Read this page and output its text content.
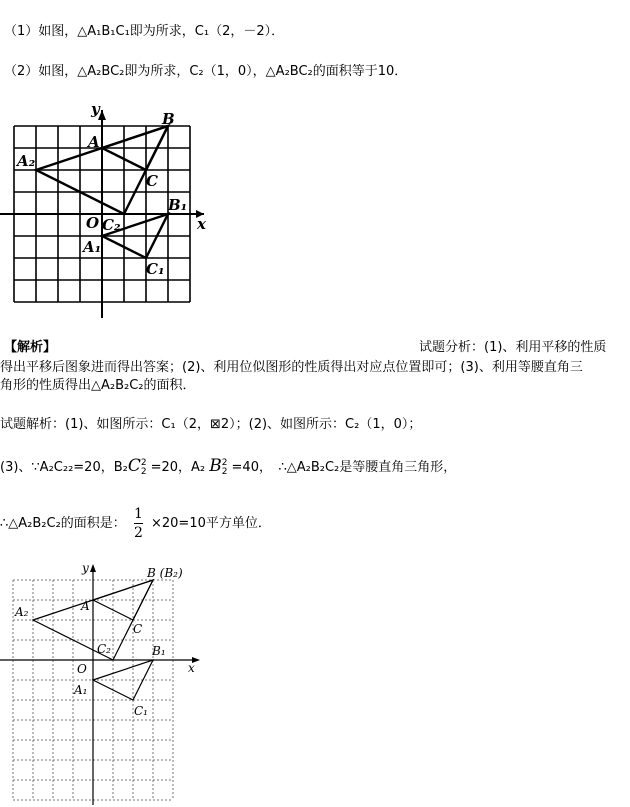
（1）如图，△A₁B₁C₁即为所求，C₁（2，－2）．
（2）如图，△A₂BC₂即为所求，C₂（1，0），△A₂BC₂的面积等于10．
y
x
O
A
B
C
A₂
C₂
A₁
B₁
C₁
【解析】	试题分析：(1)、利用平移的性质
得出平移后图象进而得出答案；(2)、利用位似图形的性质得出对应点位置即可；(3)、利用等腰直角三
角形的性质得出△A₂B₂C₂的面积．
试题解析：(1)、如图所示：C₁（2，⊠2）；(2)、如图所示：C₂（1，0）；
(3)、∵A₂C₂₂=20，B₂C 2
2 =20，A₂ B 2
2 =40，　∴△A₂B₂C₂是等腰直角三角形，
∴△A₂B₂C₂的面积是： $\frac{1}{2} \times 20=10$平方单位．
y
x
O
A
B (B₂)
C
A₂
C₂
A₁
B₁
C₁
